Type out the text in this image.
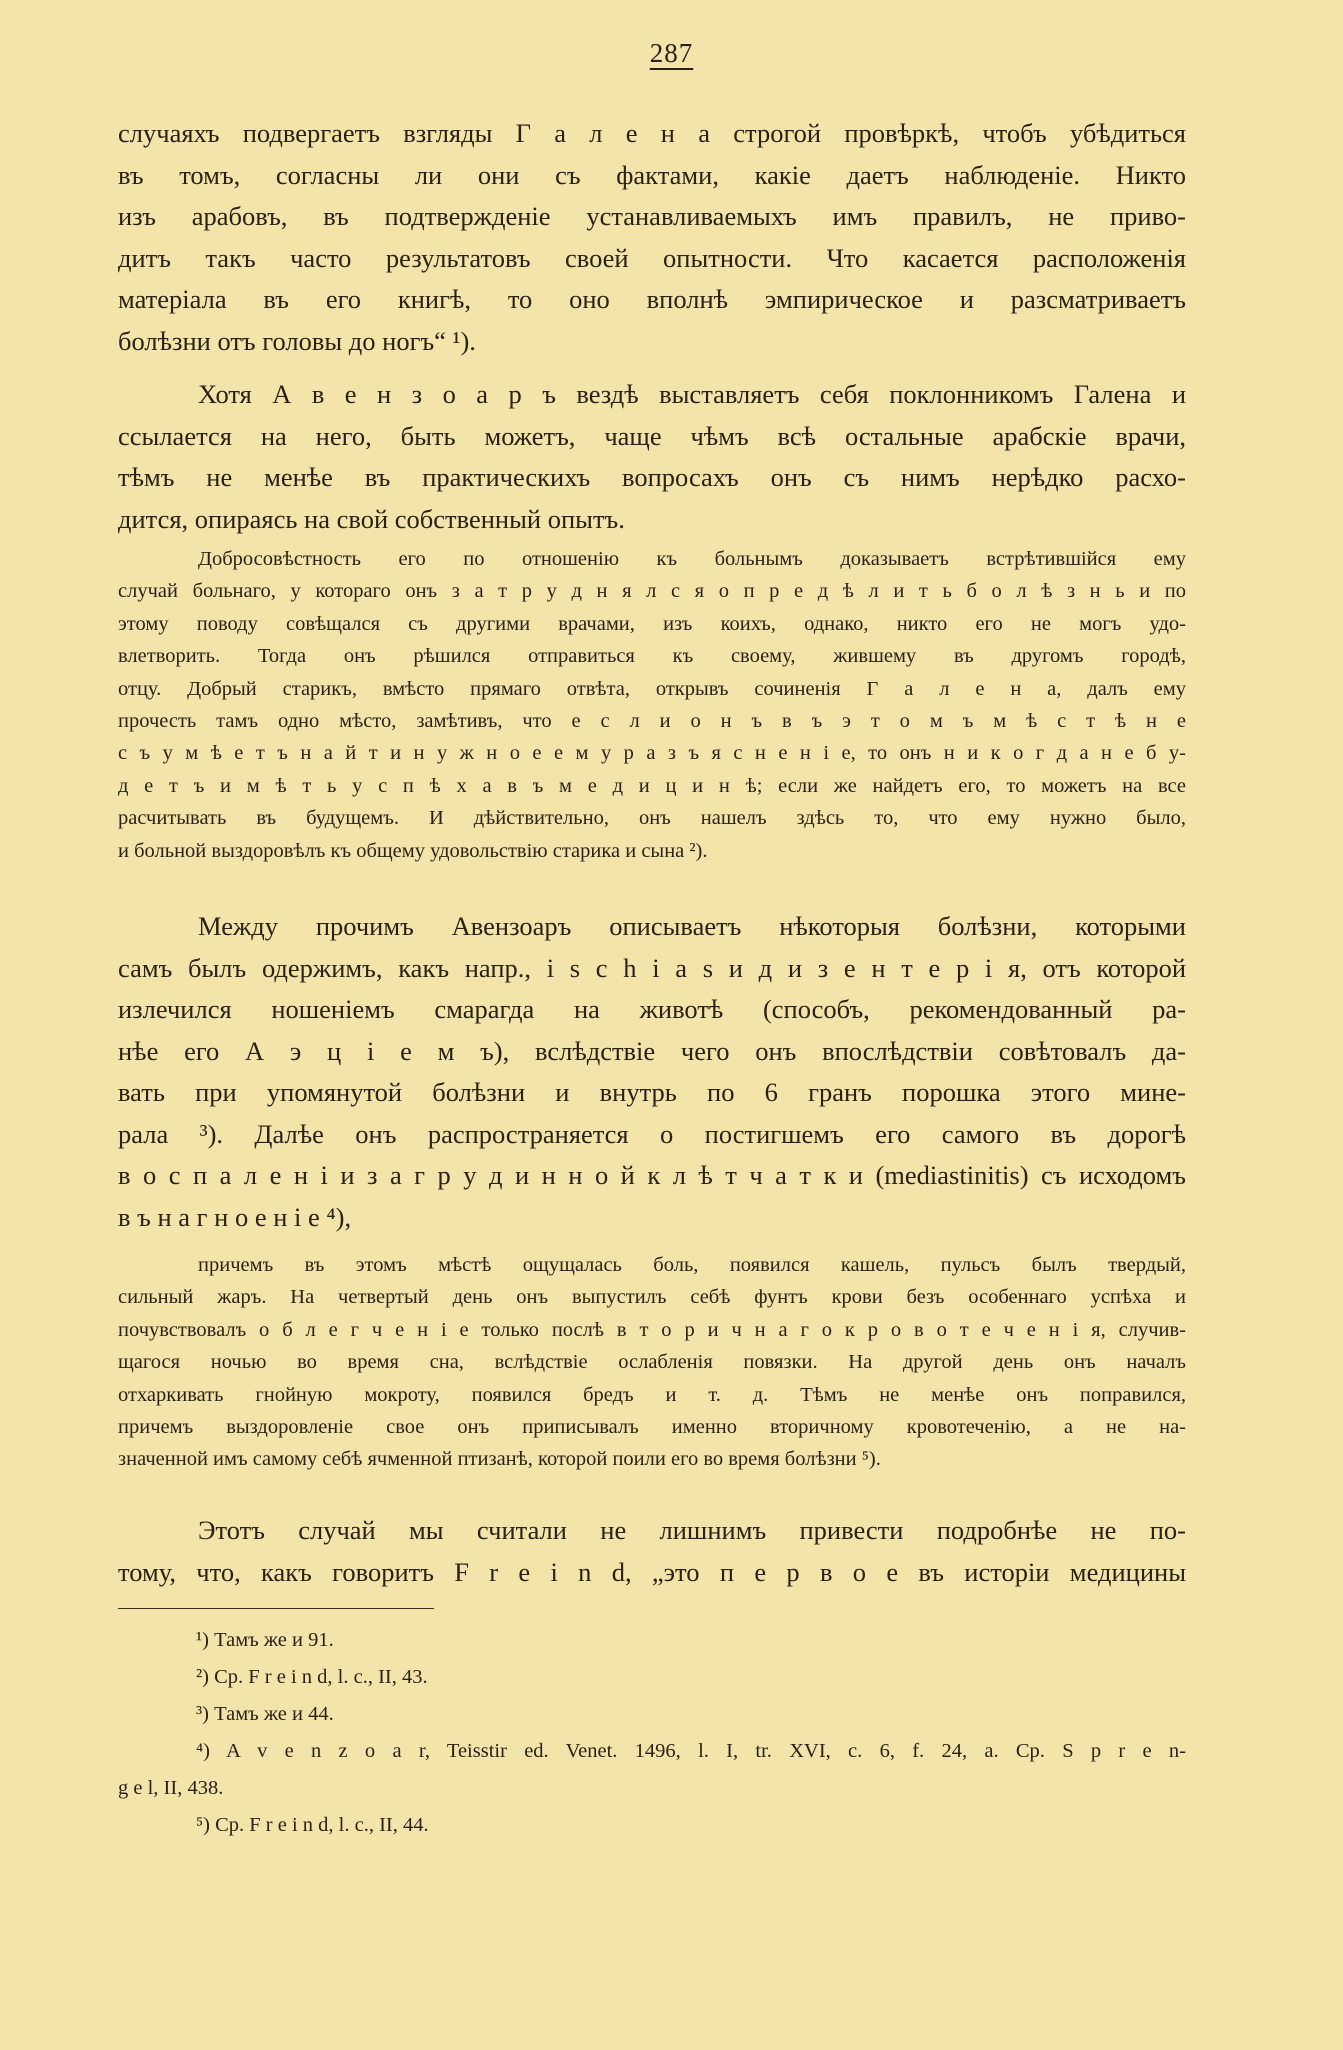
287

случаяхъ подвергаетъ взгляды Г а л е н а строгой провѣркѣ, чтобъ убѣдиться
въ томъ, согласны ли они съ фактами, какіе даетъ наблюденіе. Никто
изъ арабовъ, въ подтвержденіе устанавливаемыхъ имъ правилъ, не приво-
дитъ такъ часто результатовъ своей опытности. Что касается расположенія
матеріала въ его книгѣ, то оно вполнѣ эмпирическое и разсматриваетъ
болѣзни отъ головы до ногъ“ ¹).

Хотя А в е н з о а р ъ вездѣ выставляетъ себя поклонникомъ Галена и
ссылается на него, быть можетъ, чаще чѣмъ всѣ остальные арабскіе врачи,
тѣмъ не менѣе въ практическихъ вопросахъ онъ съ нимъ нерѣдко расхо-
дится, опираясь на свой собственный опытъ.

Добросовѣстность его по отношенію къ больнымъ доказываетъ встрѣтившійся ему
случай больнаго, у котораго онъ з а т р у д н я л с я о п р е д ѣ л и т ь б о л ѣ з н ь и по
этому поводу совѣщался съ другими врачами, изъ коихъ, однако, никто его не могъ удо-
влетворить. Тогда онъ рѣшился отправиться къ своему, жившему въ другомъ городѣ,
отцу. Добрый старикъ, вмѣсто прямаго отвѣта, открывъ сочиненія Г а л е н а, далъ ему
прочесть тамъ одно мѣсто, замѣтивъ, что е с л и о н ъ в ъ э т о м ъ м ѣ с т ѣ н е
с ъ у м ѣ е т ъ н а й т и н у ж н о е е м у р а з ъ я с н е н і е, то онъ н и к о г д а н е б у-
д е т ъ и м ѣ т ь у с п ѣ х а в ъ м е д и ц и н ѣ; если же найдетъ его, то можетъ на все
расчитывать въ будущемъ. И дѣйствительно, онъ нашелъ здѣсь то, что ему нужно было,
и больной выздоровѣлъ къ общему удовольствію старика и сына ²).

Между прочимъ Авензоаръ описываетъ нѣкоторыя болѣзни, которыми
самъ былъ одержимъ, какъ напр., і s c h і a s и д и з е н т е р і я, отъ которой
излечился ношеніемъ смарагда на животѣ (способъ, рекомендованный ра-
нѣе его А э ц і е м ъ), вслѣдствіе чего онъ впослѣдствіи совѣтовалъ да-
вать при упомянутой болѣзни и внутрь по 6 гранъ порошка этого мине-
рала ³). Далѣе онъ распространяется о постигшемъ его самого въ дорогѣ
в о с п а л е н і и з а г р у д и н н о й к л ѣ т ч а т к и (mediastinitis) съ исходомъ
в ъ н а г н о е н і е ⁴),

причемъ въ этомъ мѣстѣ ощущалась боль, появился кашель, пульсъ былъ твердый,
сильный жаръ. На четвертый день онъ выпустилъ себѣ фунтъ крови безъ особеннаго успѣха и
почувствовалъ о б л е г ч е н і е только послѣ в т о р и ч н а г о к р о в о т е ч е н і я, случив-
щагося ночью во время сна, вслѣдствіе ослабленія повязки. На другой день онъ началъ
отхаркивать гнойную мокроту, появился бредъ и т. д. Тѣмъ не менѣе онъ поправился,
причемъ выздоровленіе свое онъ приписывалъ именно вторичному кровотеченію, а не на-
значенной имъ самому себѣ ячменной птизанѣ, которой поили его во время болѣзни ⁵).

Этотъ случай мы считали не лишнимъ привести подробнѣе не по-
тому, что, какъ говоритъ F r e i n d, „это п е р в о е въ исторіи медицины

¹) Тамъ же и 91.
²) Ср. F r e i n d, l. c., II, 43.
³) Тамъ же и 44.
⁴) A v e n z o a r, Teisstir ed. Venet. 1496, l. I, tr. XVI, c. 6, f. 24, a. Ср. S p r e n-
g e l, II, 438.
⁵) Ср. F r e i n d, l. c., II, 44.
